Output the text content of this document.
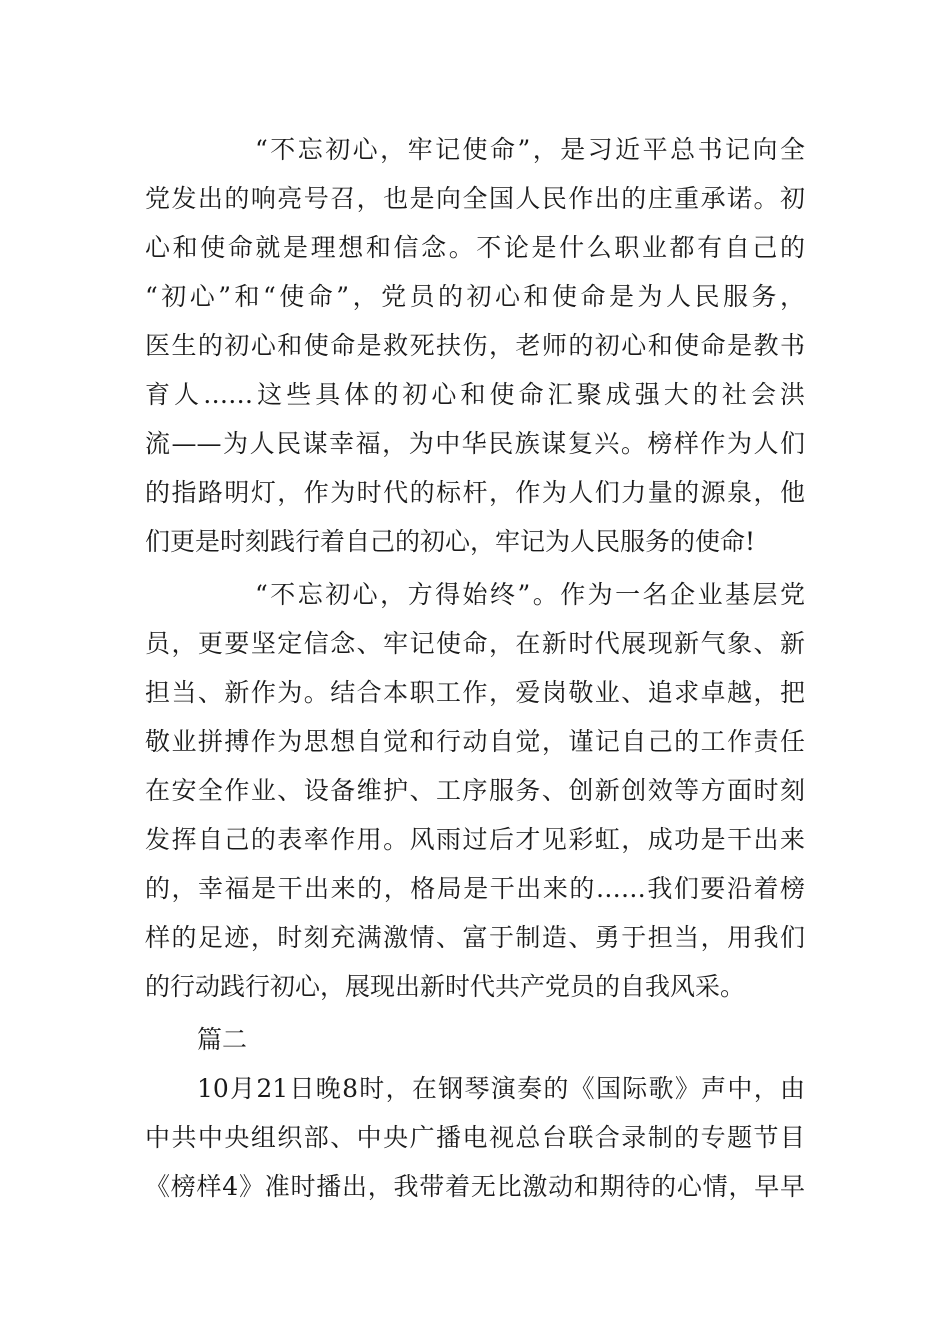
“不忘初心，牢记使命”，是习近平总书记向全
党发出的响亮号召，也是向全国人民作出的庄重承诺。初
心和使命就是理想和信念。不论是什么职业都有自己的
“初心”和“使命”，党员的初心和使命是为人民服务，
医生的初心和使命是救死扶伤，老师的初心和使命是教书
育人……这些具体的初心和使命汇聚成强大的社会洪
流——为人民谋幸福，为中华民族谋复兴。榜样作为人们
的指路明灯，作为时代的标杆，作为人们力量的源泉，他
们更是时刻践行着自己的初心，牢记为人民服务的使命!
“不忘初心，方得始终”。作为一名企业基层党
员，更要坚定信念、牢记使命，在新时代展现新气象、新
担当、新作为。结合本职工作，爱岗敬业、追求卓越，把
敬业拼搏作为思想自觉和行动自觉，谨记自己的工作责任
在安全作业、设备维护、工序服务、创新创效等方面时刻
发挥自己的表率作用。风雨过后才见彩虹，成功是干出来
的，幸福是干出来的，格局是干出来的……我们要沿着榜
样的足迹，时刻充满激情、富于制造、勇于担当，用我们
的行动践行初心，展现出新时代共产党员的自我风采。
篇二
10月21日晚8时，在钢琴演奏的《国际歌》声中，由
中共中央组织部、中央广播电视总台联合录制的专题节目
《榜样4》准时播出，我带着无比激动和期待的心情，早早
